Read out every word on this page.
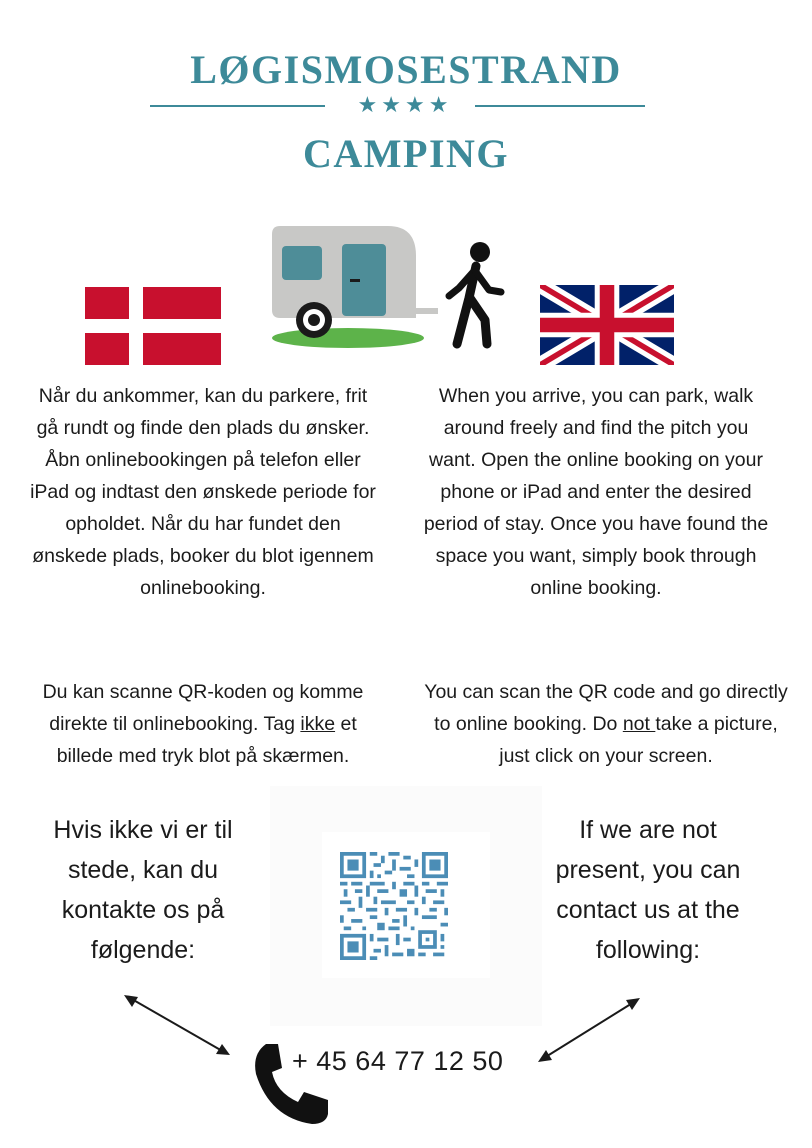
LØGISMOSESTRAND
★★★★
CAMPING
Når du ankommer, kan du parkere, frit gå rundt og finde den plads du ønsker. Åbn onlinebookingen på telefon eller iPad og indtast den ønskede periode for opholdet. Når du har fundet den ønskede plads, booker du blot igennem onlinebooking.
When you arrive, you can park, walk around freely and find the pitch you want. Open the online booking on your phone or iPad and enter the desired period of stay. Once you have found the space you want, simply book through online booking.
Du kan scanne QR-koden og komme direkte til onlinebooking. Tag ikke et billede med tryk blot på skærmen.
You can scan the QR code and go directly to online booking. Do not take a picture, just click on your screen.
Hvis ikke vi er til stede, kan du kontakte os på følgende:
If we are not present, you can contact us at the following:
+ 45 64 77 12 50
